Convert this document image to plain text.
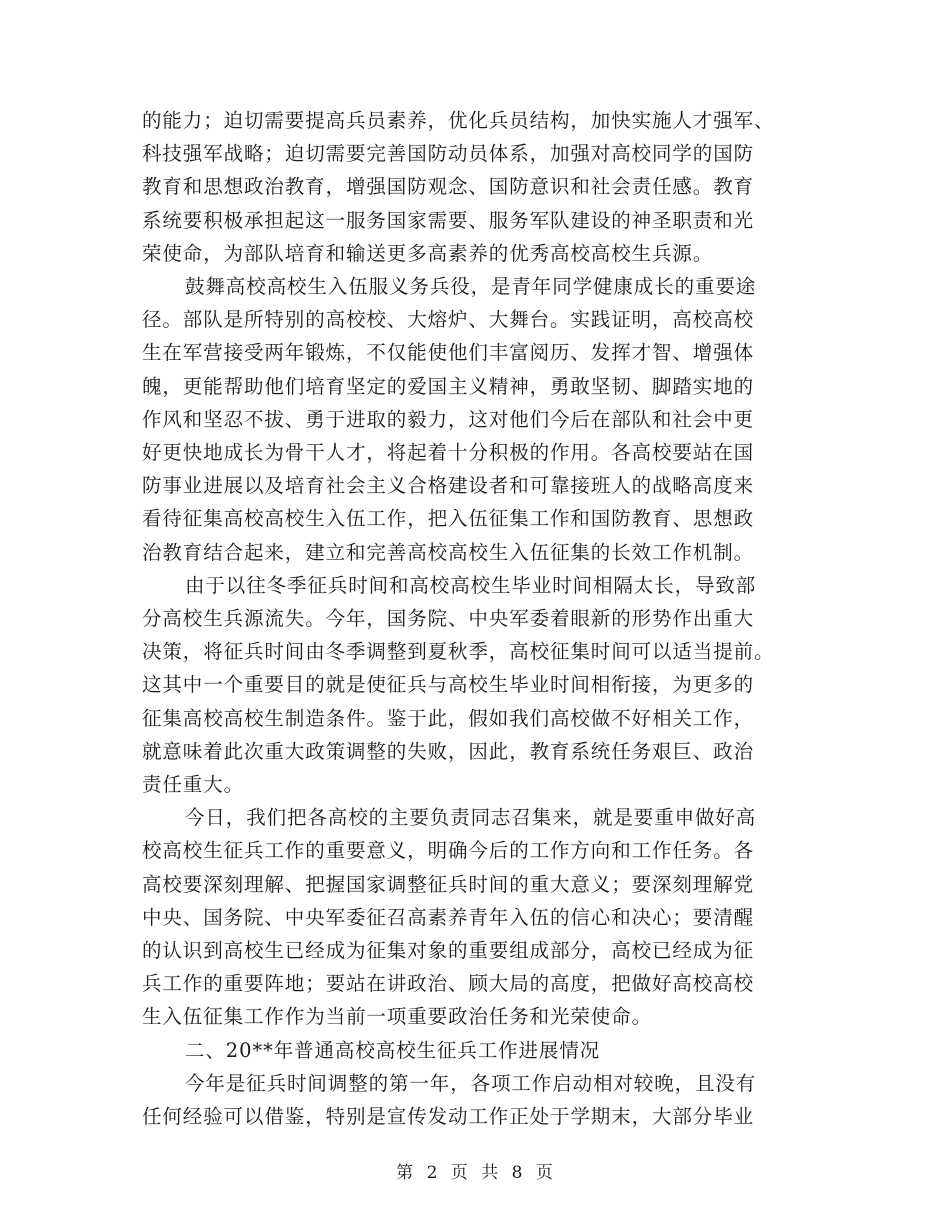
的能力；迫切需要提高兵员素养，优化兵员结构，加快实施人才强军、
科技强军战略；迫切需要完善国防动员体系，加强对高校同学的国防
教育和思想政治教育，增强国防观念、国防意识和社会责任感。教育
系统要积极承担起这一服务国家需要、服务军队建设的神圣职责和光
荣使命，为部队培育和输送更多高素养的优秀高校高校生兵源。
鼓舞高校高校生入伍服义务兵役，是青年同学健康成长的重要途
径。部队是所特别的高校校、大熔炉、大舞台。实践证明，高校高校
生在军营接受两年锻炼，不仅能使他们丰富阅历、发挥才智、增强体
魄，更能帮助他们培育坚定的爱国主义精神，勇敢坚韧、脚踏实地的
作风和坚忍不拔、勇于进取的毅力，这对他们今后在部队和社会中更
好更快地成长为骨干人才，将起着十分积极的作用。各高校要站在国
防事业进展以及培育社会主义合格建设者和可靠接班人的战略高度来
看待征集高校高校生入伍工作，把入伍征集工作和国防教育、思想政
治教育结合起来，建立和完善高校高校生入伍征集的长效工作机制。
由于以往冬季征兵时间和高校高校生毕业时间相隔太长，导致部
分高校生兵源流失。今年，国务院、中央军委着眼新的形势作出重大
决策，将征兵时间由冬季调整到夏秋季，高校征集时间可以适当提前。
这其中一个重要目的就是使征兵与高校生毕业时间相衔接，为更多的
征集高校高校生制造条件。鉴于此，假如我们高校做不好相关工作，
就意味着此次重大政策调整的失败，因此，教育系统任务艰巨、政治
责任重大。
今日，我们把各高校的主要负责同志召集来，就是要重申做好高
校高校生征兵工作的重要意义，明确今后的工作方向和工作任务。各
高校要深刻理解、把握国家调整征兵时间的重大意义；要深刻理解党
中央、国务院、中央军委征召高素养青年入伍的信心和决心；要清醒
的认识到高校生已经成为征集对象的重要组成部分，高校已经成为征
兵工作的重要阵地；要站在讲政治、顾大局的高度，把做好高校高校
生入伍征集工作作为当前一项重要政治任务和光荣使命。
二、20**年普通高校高校生征兵工作进展情况
今年是征兵时间调整的第一年，各项工作启动相对较晚，且没有
任何经验可以借鉴，特别是宣传发动工作正处于学期末，大部分毕业
第 2 页 共 8 页
